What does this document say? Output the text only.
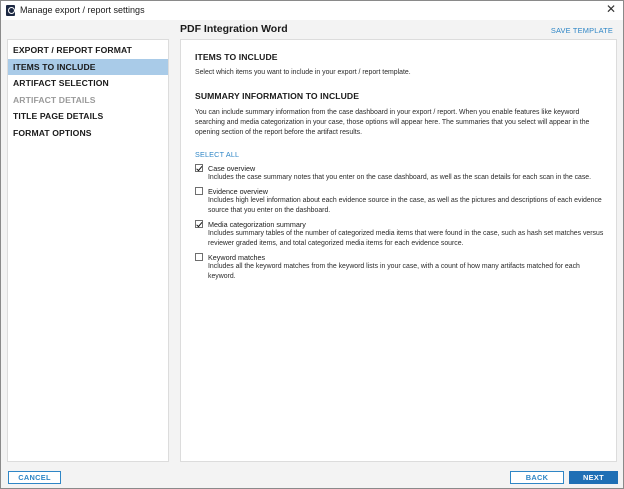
Manage export / report settings	✕
EXPORT / REPORT FORMAT
ITEMS TO INCLUDE
ARTIFACT SELECTION
ARTIFACT DETAILS
TITLE PAGE DETAILS
FORMAT OPTIONS
PDF Integration Word	SAVE TEMPLATE
ITEMS TO INCLUDE
Select which items you want to include in your export / report template.
SUMMARY INFORMATION TO INCLUDE
You can include summary information from the case dashboard in your export / report. When you enable features like keyword searching and media categorization in your case, those options will appear here. The summaries that you select will appear in the opening section of the report before the artifact results.
SELECT ALL
Case overview
Includes the case summary notes that you enter on the case dashboard, as well as the scan details for each scan in the case.
Evidence overview
Includes high level information about each evidence source in the case, as well as the pictures and descriptions of each evidence source that you enter on the dashboard.
Media categorization summary
Includes summary tables of the number of categorized media items that were found in the case, such as hash set matches versus reviewer graded items, and total categorized media items for each evidence source.
Keyword matches
Includes all the keyword matches from the keyword lists in your case, with a count of how many artifacts matched for each keyword.
CANCEL	BACK	NEXT
